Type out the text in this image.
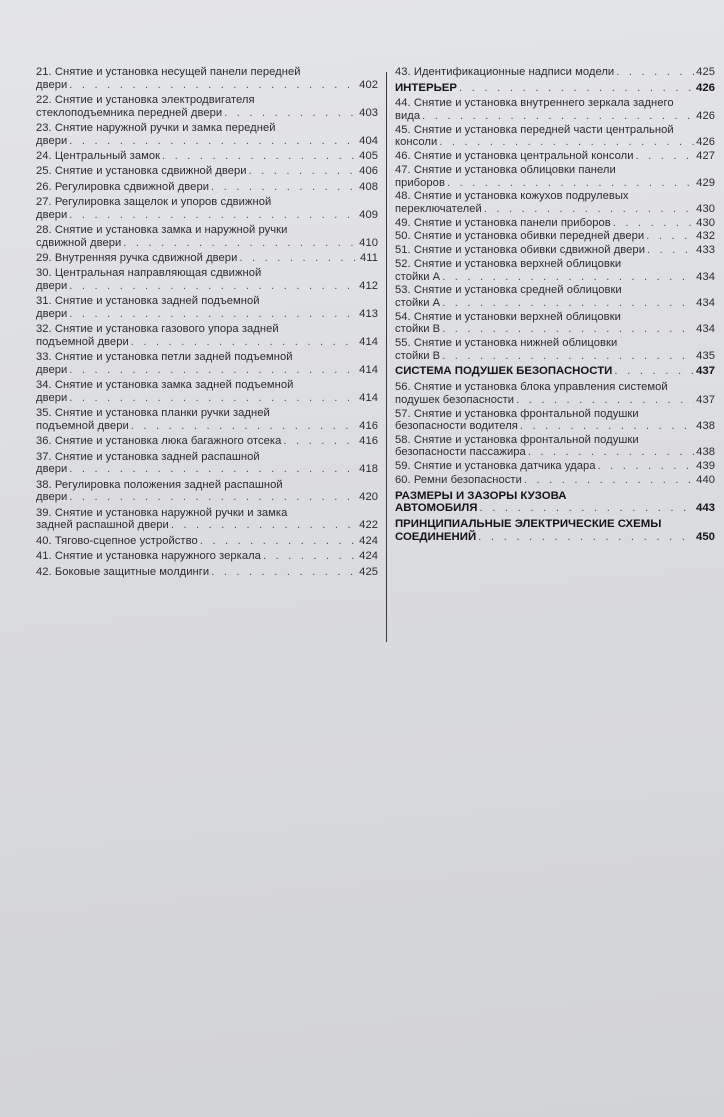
21. Снятие и установка несущей панели передней
двери . . .	402
22. Снятие и установка электродвигателя
стеклоподъемника передней двери . . .	403
23. Снятие наружной ручки и замка передней
двери . . .	404
24. Центральный замок . . .	405
25. Снятие и установка сдвижной двери . . .	406
26. Регулировка сдвижной двери . . .	408
27. Регулировка защелок и упоров сдвижной
двери . . .	409
28. Снятие и установка замка и наружной ручки
сдвижной двери . . .	410
29. Внутренняя ручка сдвижной двери . . .	411
30. Центральная направляющая сдвижной
двери . . .	412
31. Снятие и установка задней подъемной
двери . . .	413
32. Снятие и установка газового упора задней
подъемной двери . . .	414
33. Снятие и установка петли задней подъемной
двери . . .	414
34. Снятие и установка замка задней подъемной
двери . . .	414
35. Снятие и установка планки ручки задней
подъемной двери . . .	416
36. Снятие и установка люка багажного отсека . . .	416
37. Снятие и установка задней распашной
двери . . .	418
38. Регулировка положения задней распашной
двери . . .	420
39. Снятие и установка наружной ручки и замка
задней распашной двери . . .	422
40. Тягово-сцепное устройство . . .	424
41. Снятие и установка наружного зеркала . . .	424
42. Боковые защитные молдинги . . .	425
43. Идентификационные надписи модели . . .	425
ИНТЕРЬЕР . . .	426
44. Снятие и установка внутреннего зеркала заднего
вида . . .	426
45. Снятие и установка передней части центральной
консоли . . .	426
46. Снятие и установка центральной консоли . . .	427
47. Снятие и установка облицовки панели
приборов . . .	429
48. Снятие и установка кожухов подрулевых
переключателей . . .	430
49. Снятие и установка панели приборов . . .	430
50. Снятие и установка обивки передней двери . . .	432
51. Снятие и установка обивки сдвижной двери . . .	433
52. Снятие и установка верхней облицовки
стойки А . . .	434
53. Снятие и установка средней облицовки
стойки А . . .	434
54. Снятие и установки верхней облицовки
стойки В . . .	434
55. Снятие и установка нижней облицовки
стойки В . . .	435
СИСТЕМА ПОДУШЕК БЕЗОПАСНОСТИ . . .	437
56. Снятие и установка блока управления системой
подушек безопасности . . .	437
57. Снятие и установка фронтальной подушки
безопасности водителя . . .	438
58. Снятие и установка фронтальной подушки
безопасности пассажира . . .	438
59. Снятие и установка датчика удара . . .	439
60. Ремни безопасности . . .	440
РАЗМЕРЫ И ЗАЗОРЫ КУЗОВА
АВТОМОБИЛЯ . . .	443
ПРИНЦИПИАЛЬНЫЕ ЭЛЕКТРИЧЕСКИЕ СХЕМЫ
СОЕДИНЕНИЙ . . .	450
